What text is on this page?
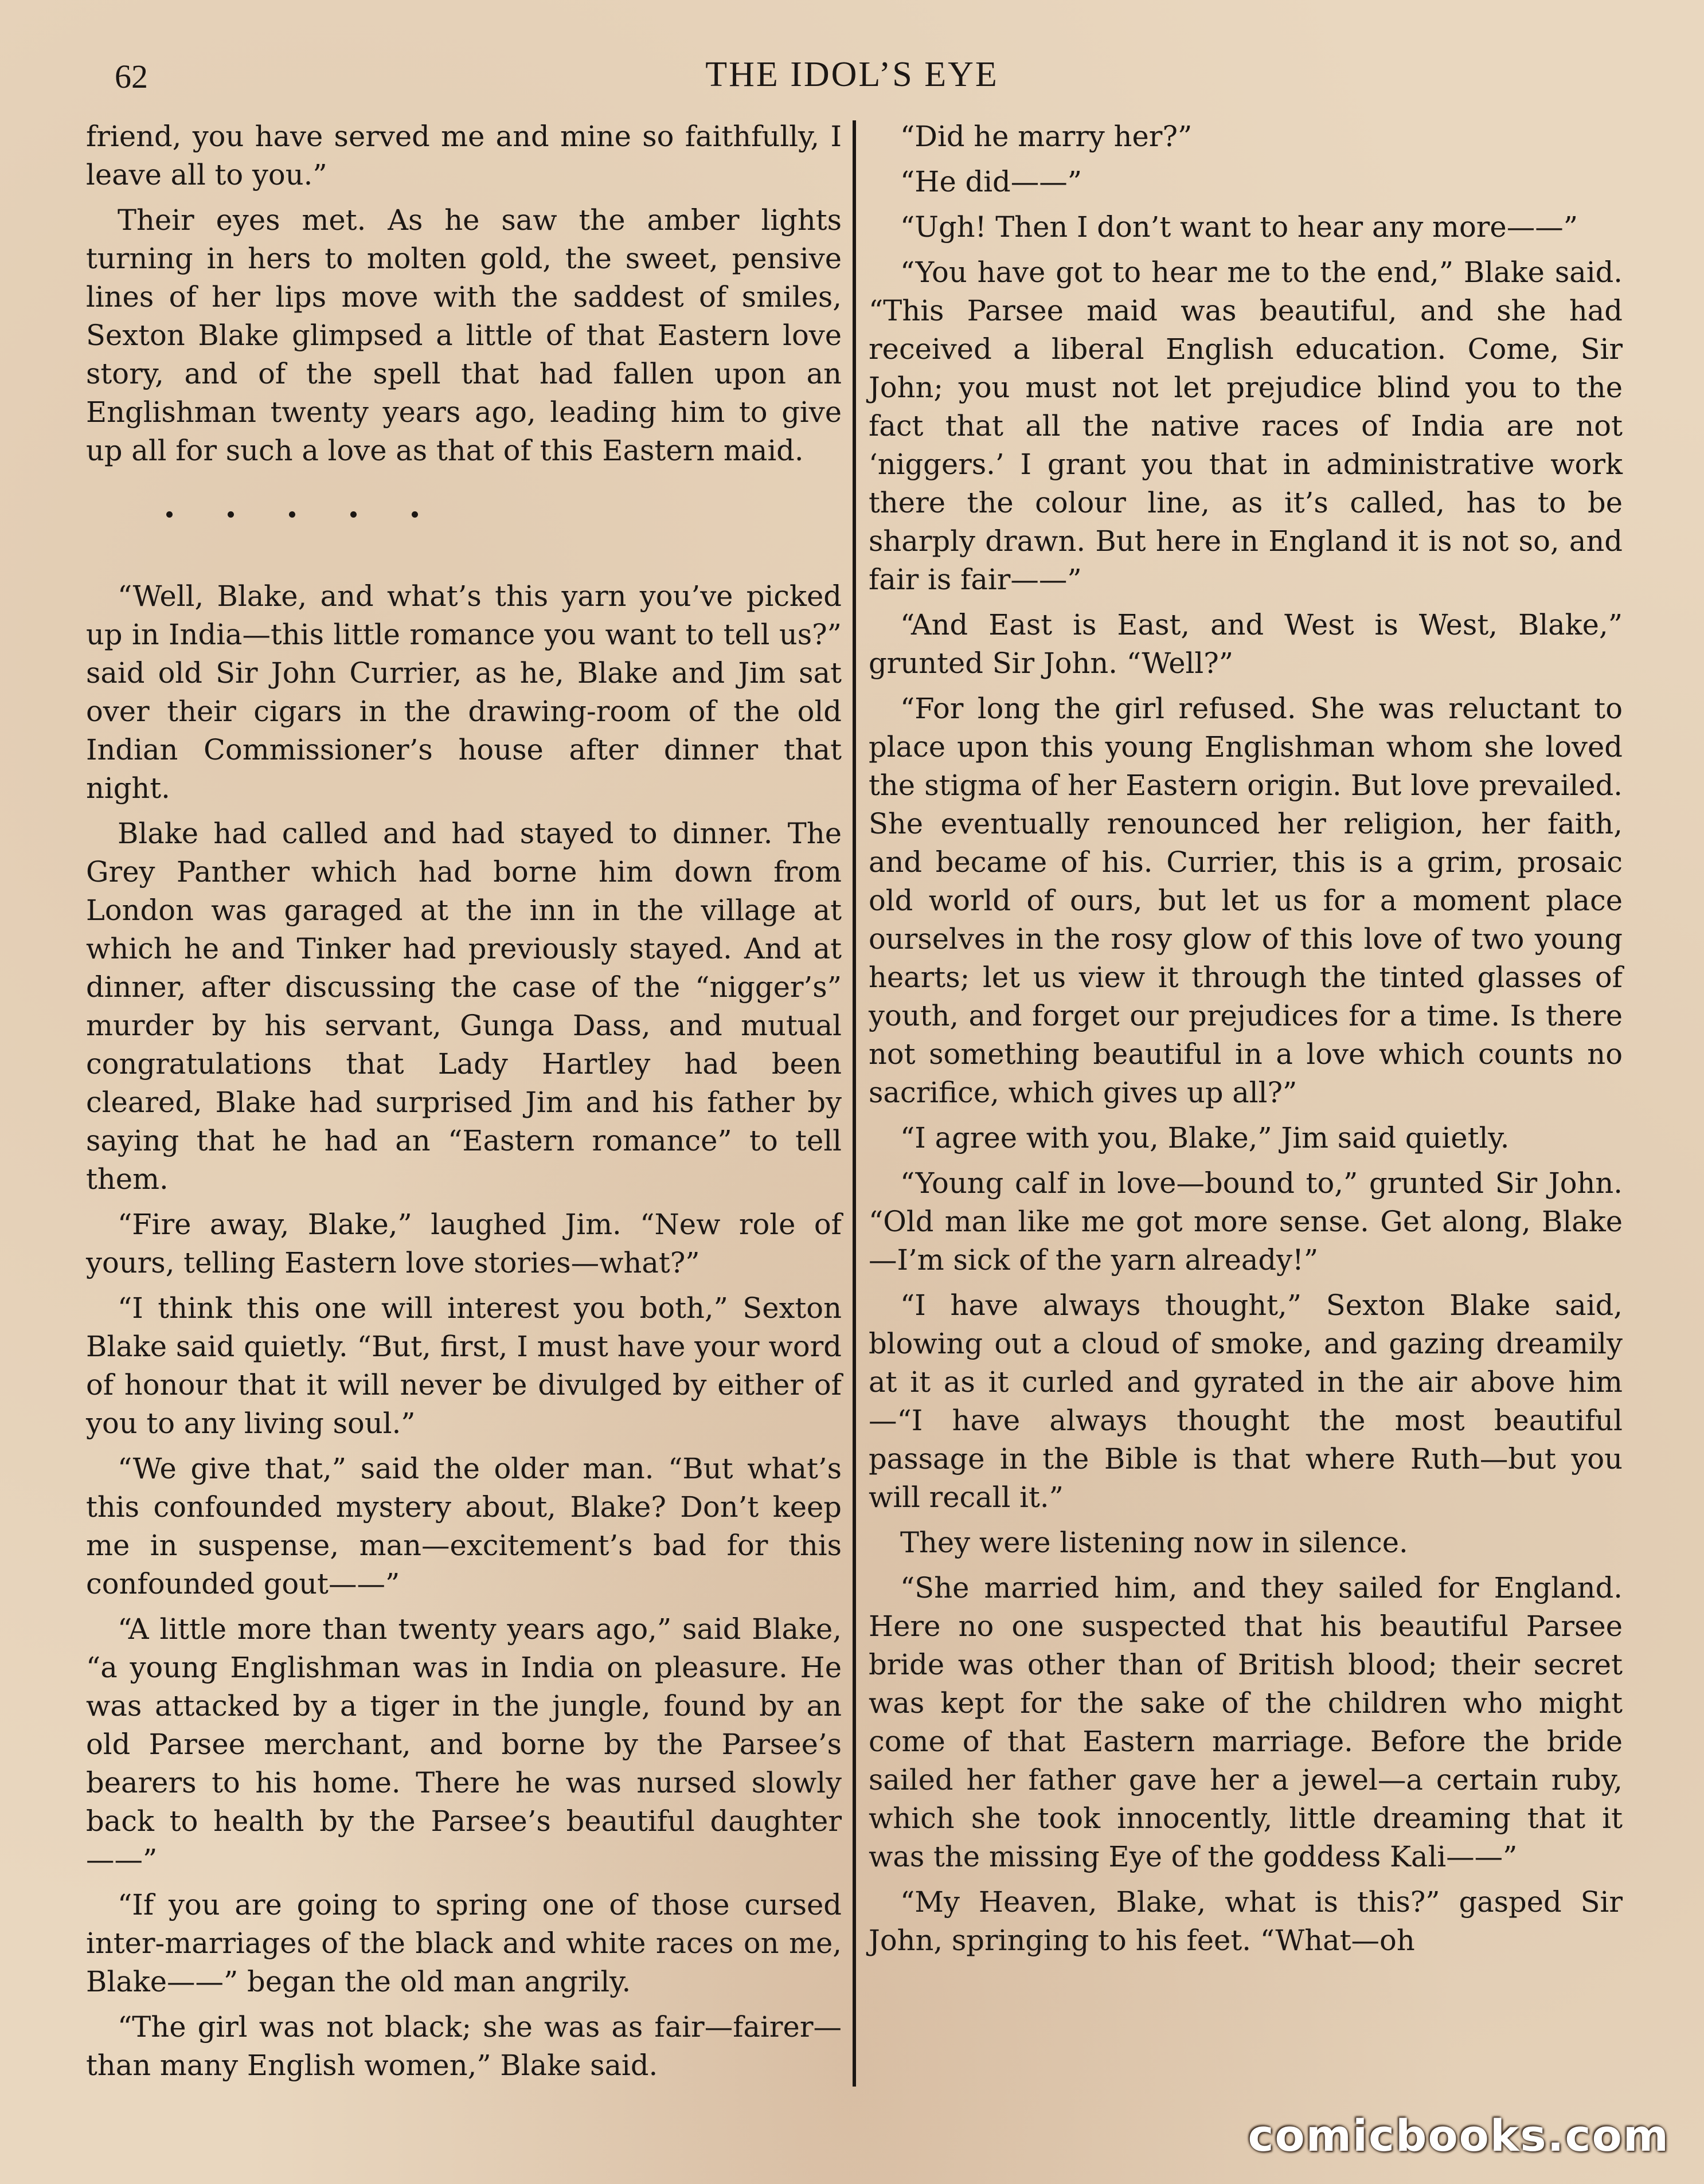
62	THE IDOL’S EYE

friend, you have served me and mine so faithfully, I leave all to you.”

Their eyes met. As he saw the amber lights turning in hers to molten gold, the sweet, pensive lines of her lips move with the saddest of smiles, Sexton Blake glimpsed a little of that Eastern love story, and of the spell that had fallen upon an Englishman twenty years ago, leading him to give up all for such a love as that of this Eastern maid.

“Well, Blake, and what’s this yarn you’ve picked up in India—this little romance you want to tell us?” said old Sir John Currier, as he, Blake and Jim sat over their cigars in the drawing-room of the old Indian Commissioner’s house after dinner that night.

Blake had called and had stayed to dinner. The Grey Panther which had borne him down from London was garaged at the inn in the village at which he and Tinker had previously stayed. And at dinner, after discussing the case of the “nigger’s” murder by his servant, Gunga Dass, and mutual congratulations that Lady Hartley had been cleared, Blake had surprised Jim and his father by saying that he had an “Eastern romance” to tell them.

“Fire away, Blake,” laughed Jim. “New role of yours, telling Eastern love stories—what?”

“I think this one will interest you both,” Sexton Blake said quietly. “But, first, I must have your word of honour that it will never be divulged by either of you to any living soul.”

“We give that,” said the older man. “But what’s this confounded mystery about, Blake? Don’t keep me in suspense, man—excitement’s bad for this confounded gout——”

“A little more than twenty years ago,” said Blake, “a young Englishman was in India on pleasure. He was attacked by a tiger in the jungle, found by an old Parsee merchant, and borne by the Parsee’s bearers to his home. There he was nursed slowly back to health by the Parsee’s beautiful daughter——”

“If you are going to spring one of those cursed inter-marriages of the black and white races on me, Blake——” began the old man angrily.

“The girl was not black; she was as fair—fairer—than many English women,” Blake said.

“Did he marry her?”

“He did——”

“Ugh! Then I don’t want to hear any more——”

“You have got to hear me to the end,” Blake said. “This Parsee maid was beautiful, and she had received a liberal English education. Come, Sir John; you must not let prejudice blind you to the fact that all the native races of India are not ‘niggers.’ I grant you that in administrative work there the colour line, as it’s called, has to be sharply drawn. But here in England it is not so, and fair is fair——”

“And East is East, and West is West, Blake,” grunted Sir John. “Well?”

“For long the girl refused. She was reluctant to place upon this young Englishman whom she loved the stigma of her Eastern origin. But love prevailed. She eventually renounced her religion, her faith, and became of his. Currier, this is a grim, prosaic old world of ours, but let us for a moment place ourselves in the rosy glow of this love of two young hearts; let us view it through the tinted glasses of youth, and forget our prejudices for a time. Is there not something beautiful in a love which counts no sacrifice, which gives up all?”

“I agree with you, Blake,” Jim said quietly.

“Young calf in love—bound to,” grunted Sir John. “Old man like me got more sense. Get along, Blake—I’m sick of the yarn already!”

“I have always thought,” Sexton Blake said, blowing out a cloud of smoke, and gazing dreamily at it as it curled and gyrated in the air above him—“I have always thought the most beautiful passage in the Bible is that where Ruth—but you will recall it.”

They were listening now in silence.

“She married him, and they sailed for England. Here no one suspected that his beautiful Parsee bride was other than of British blood; their secret was kept for the sake of the children who might come of that Eastern marriage. Before the bride sailed her father gave her a jewel—a certain ruby, which she took innocently, little dreaming that it was the missing Eye of the goddess Kali——”

“My Heaven, Blake, what is this?” gasped Sir John, springing to his feet. “What—oh

comicbooks.com
